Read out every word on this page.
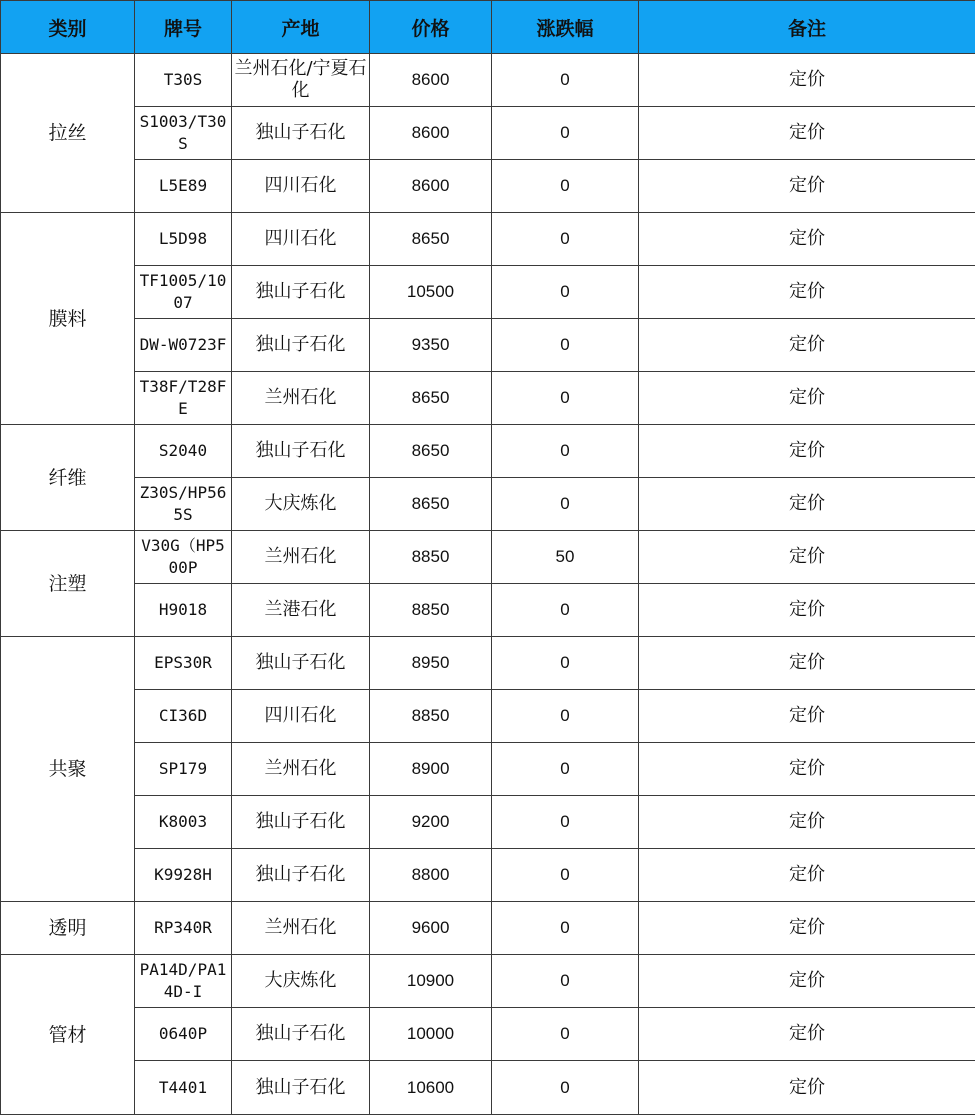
类别	牌号	产地	价格	涨跌幅	备注
拉丝	T30S	兰州石化/宁夏石化	8600	0	定价
	S1003/T30S	独山子石化	8600	0	定价
	L5E89	四川石化	8600	0	定价
膜料	L5D98	四川石化	8650	0	定价
	TF1005/1007	独山子石化	10500	0	定价
	DW-W0723F	独山子石化	9350	0	定价
	T38F/T28FE	兰州石化	8650	0	定价
纤维	S2040	独山子石化	8650	0	定价
	Z30S/HP565S	大庆炼化	8650	0	定价
注塑	V30G（HP500P	兰州石化	8850	50	定价
	H9018	兰港石化	8850	0	定价
共聚	EPS30R	独山子石化	8950	0	定价
	CI36D	四川石化	8850	0	定价
	SP179	兰州石化	8900	0	定价
	K8003	独山子石化	9200	0	定价
	K9928H	独山子石化	8800	0	定价
透明	RP340R	兰州石化	9600	0	定价
管材	PA14D/PA14D-I	大庆炼化	10900	0	定价
	0640P	独山子石化	10000	0	定价
	T4401	独山子石化	10600	0	定价
